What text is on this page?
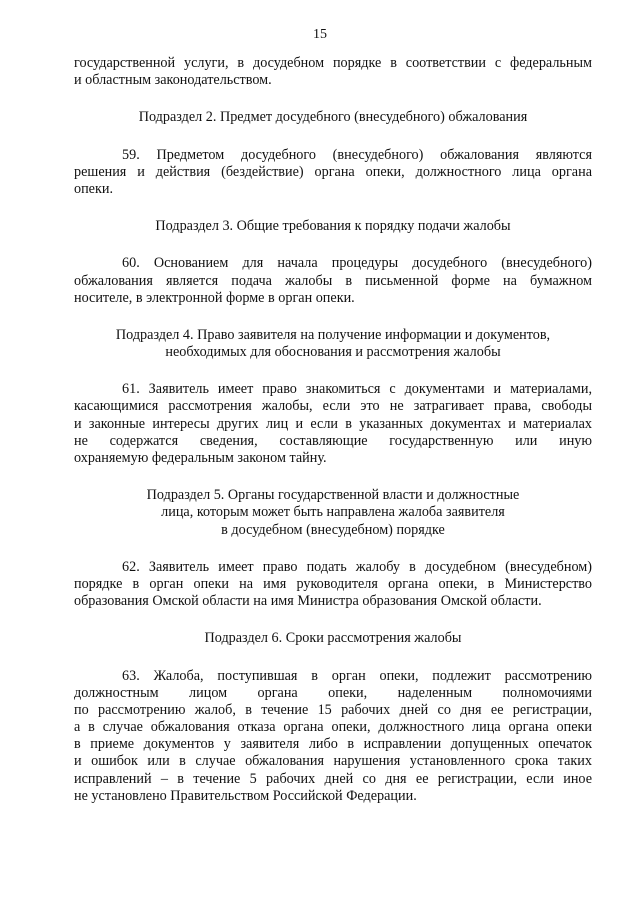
15
государственной услуги, в досудебном порядке в соответствии с федеральным
и областным законодательством.
Подраздел 2. Предмет досудебного (внесудебного) обжалования
59. Предметом досудебного (внесудебного) обжалования являются
решения и действия (бездействие) органа опеки, должностного лица органа
опеки.
Подраздел 3. Общие требования к порядку подачи жалобы
60. Основанием для начала процедуры досудебного (внесудебного)
обжалования является подача жалобы в письменной форме на бумажном
носителе, в электронной форме в орган опеки.
Подраздел 4. Право заявителя на получение информации и документов,
необходимых для обоснования и рассмотрения жалобы
61. Заявитель имеет право знакомиться с документами и материалами,
касающимися рассмотрения жалобы, если это не затрагивает права, свободы
и законные интересы других лиц и если в указанных документах и материалах
не содержатся сведения, составляющие государственную или иную
охраняемую федеральным законом тайну.
Подраздел 5. Органы государственной власти и должностные
лица, которым может быть направлена жалоба заявителя
в досудебном (внесудебном) порядке
62. Заявитель имеет право подать жалобу в досудебном (внесудебном)
порядке в орган опеки на имя руководителя органа опеки, в Министерство
образования Омской области на имя Министра образования Омской области.
Подраздел 6. Сроки рассмотрения жалобы
63. Жалоба, поступившая в орган опеки, подлежит рассмотрению
должностным лицом органа опеки, наделенным полномочиями
по рассмотрению жалоб, в течение 15 рабочих дней со дня ее регистрации,
а в случае обжалования отказа органа опеки, должностного лица органа опеки
в приеме документов у заявителя либо в исправлении допущенных опечаток
и ошибок или в случае обжалования нарушения установленного срока таких
исправлений – в течение 5 рабочих дней со дня ее регистрации, если иное
не установлено Правительством Российской Федерации.
